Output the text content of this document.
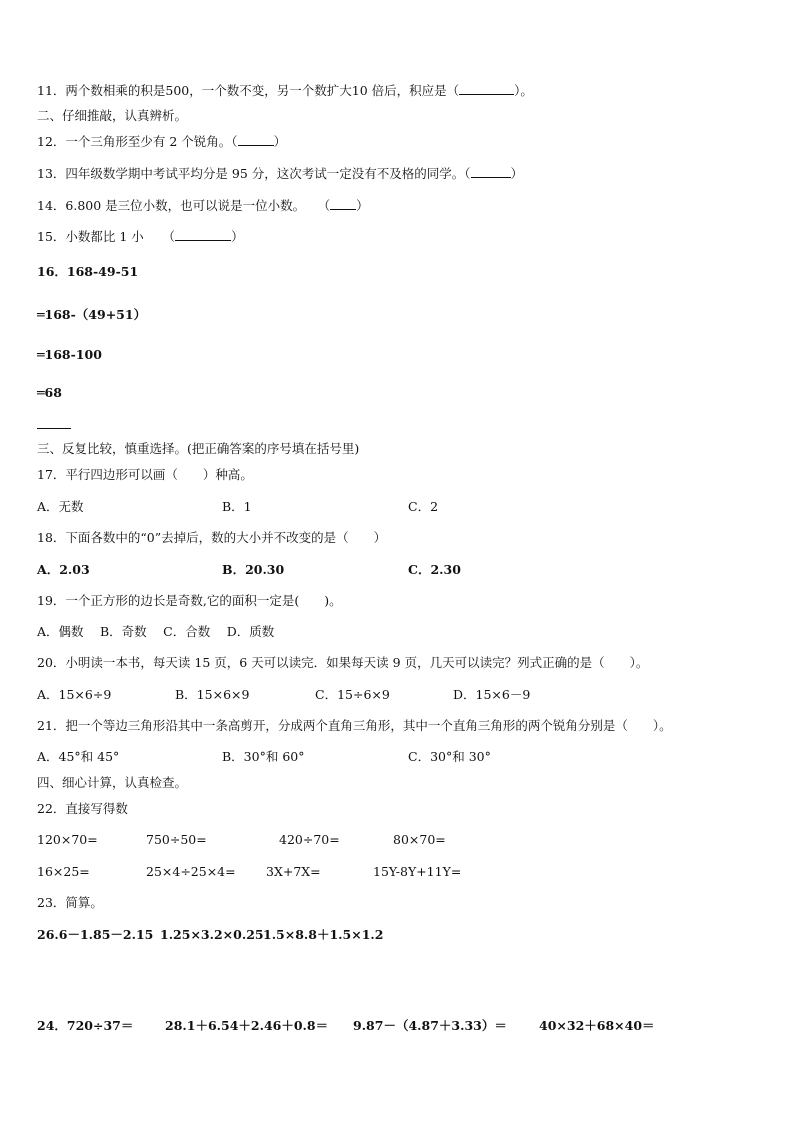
11．两个数相乘的积是500，一个数不变，另一个数扩大10 倍后，积应是（	）。
二、仔细推敲，认真辨析。
12．一个三角形至少有 2 个锐角。（	）
13．四年级数学期中考试平均分是 95 分，这次考试一定没有不及格的同学。（	）
14．6.800 是三位小数，也可以说是一位小数。　　（ ）
15．小数都比 1 小　　（	）
16．168-49-51
═168-（49+51）
═168-100
═68
三、反复比较，慎重选择。(把正确答案的序号填在括号里)
17．平行四边形可以画（　　）种高。
A．无数	B．1	C．2
18．下面各数中的“0”去掉后，数的大小并不改变的是（　　）
A．2.03	B．20.30	C．2.30
19．一个正方形的边长是奇数,它的面积一定是(　　)。
A．偶数　 B．奇数　 C．合数　 D．质数
20．小明读一本书，每天读 15 页，6 天可以读完．如果每天读 9 页，几天可以读完？列式正确的是（　　）。
A．15×6÷9	B．15×6×9	C．15÷6×9	D．15×6－9
21．把一个等边三角形沿其中一条高剪开，分成两个直角三角形，其中一个直角三角形的两个锐角分别是（　　）。
A．45°和 45°	B．30°和 60°	C．30°和 30°
四、细心计算，认真检查。
22．直接写得数
120×70=	750÷50=	420÷70=	80×70=
16×25=	25×4÷25×4= 3X+7X=	15Y-8Y+11Y=
23．简算。
26.6－1.85－2.15 1.25×3.2×0.25 1.5×8.8＋1.5×1.2
24．720÷37＝	28.1＋6.54＋2.46＋0.8＝ 9.87－（4.87＋3.33）＝	40×32＋68×40＝
